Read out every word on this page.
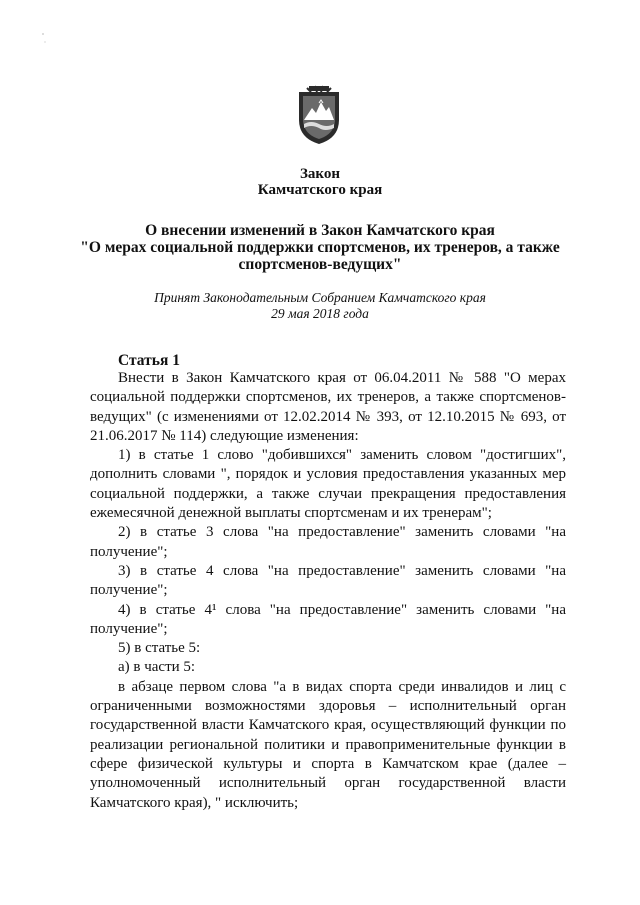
Закон
Камчатского края
О внесении изменений в Закон Камчатского края
"О мерах социальной поддержки спортсменов, их тренеров, а также
спортсменов-ведущих"
Принят Законодательным Собранием Камчатского края
29 мая 2018 года
Статья 1

Внести в Закон Камчатского края от 06.04.2011 № 588 "О мерах социальной поддержки спортсменов, их тренеров, а также спортсменов-ведущих" (с изменениями от 12.02.2014 № 393, от 12.10.2015 № 693, от 21.06.2017 № 114) следующие изменения:

1) в статье 1 слово "добившихся" заменить словом "достигших", дополнить словами ", порядок и условия предоставления указанных мер социальной поддержки, а также случаи прекращения предоставления ежемесячной денежной выплаты спортсменам и их тренерам";

2) в статье 3 слова "на предоставление" заменить словами "на получение";

3) в статье 4 слова "на предоставление" заменить словами "на получение";

4) в статье 4¹ слова "на предоставление" заменить словами "на получение";

5) в статье 5:

а) в части 5:

в абзаце первом слова "а в видах спорта среди инвалидов и лиц с ограниченными возможностями здоровья – исполнительный орган государственной власти Камчатского края, осуществляющий функции по реализации региональной политики и правоприменительные функции в сфере физической культуры и спорта в Камчатском крае (далее – уполномоченный исполнительный орган государственной власти Камчатского края), " исключить;
